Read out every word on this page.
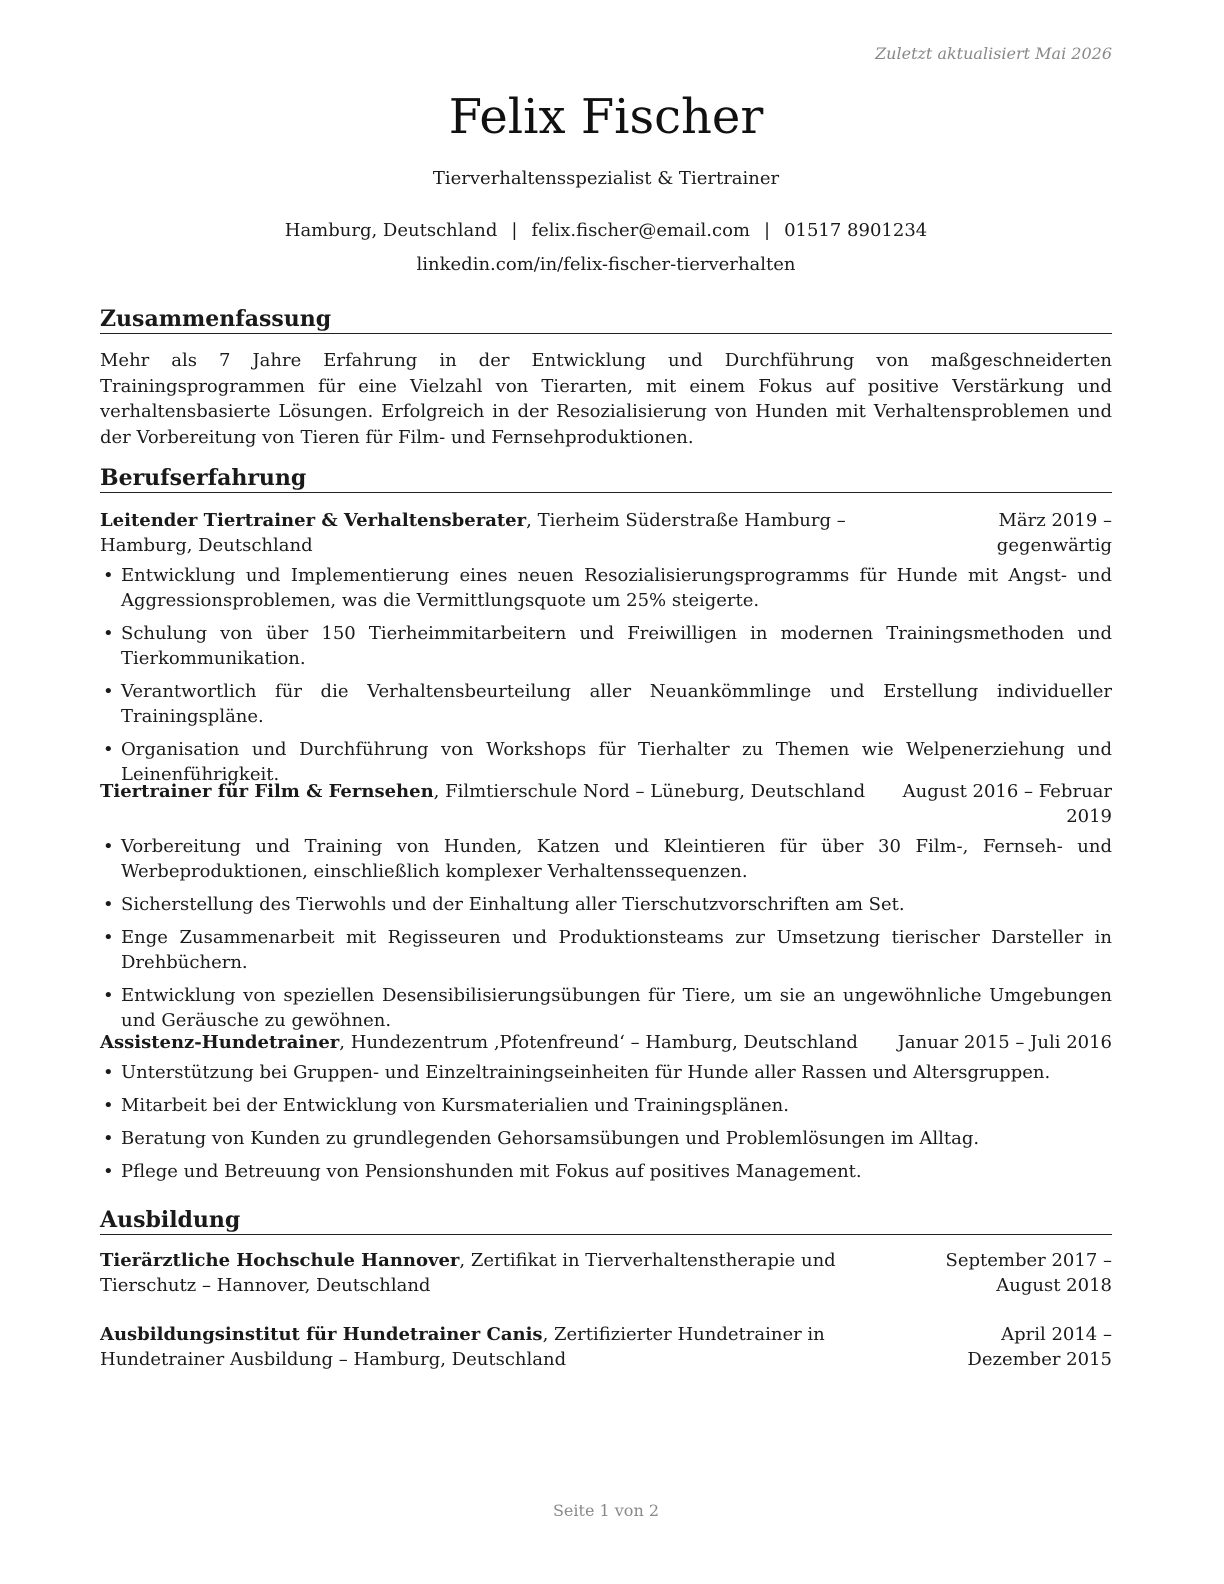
Zuletzt aktualisiert Mai 2026
Felix Fischer
Tierverhaltensspezialist & Tiertrainer
Hamburg, Deutschland | felix.fischer@email.com | 01517 8901234
linkedin.com/in/felix-fischer-tierverhalten
Zusammenfassung

Mehr als 7 Jahre Erfahrung in der Entwicklung und Durchführung von maßgeschneiderten Trainingsprogrammen für eine Vielzahl von Tierarten, mit einem Fokus auf positive Verstärkung und verhaltensbasierte Lösungen. Erfolgreich in der Resozialisierung von Hunden mit Verhaltensproblemen und der Vorbereitung von Tieren für Film- und Fernsehproduktionen.

Berufserfahrung
Leitender Tiertrainer & Verhaltensberater, Tierheim Süderstraße Hamburg – Hamburg, Deutschland
März 2019 – gegenwärtig
• Entwicklung und Implementierung eines neuen Resozialisierungsprogramms für Hunde mit Angst- und Aggressionsproblemen, was die Vermittlungsquote um 25% steigerte.
• Schulung von über 150 Tierheimmitarbeitern und Freiwilligen in modernen Trainingsmethoden und Tierkommunikation.
• Verantwortlich für die Verhaltensbeurteilung aller Neuankömmlinge und Erstellung individueller Trainingspläne.
• Organisation und Durchführung von Workshops für Tierhalter zu Themen wie Welpenerziehung und Leinenführigkeit.
Tiertrainer für Film & Fernsehen, Filmtierschule Nord – Lüneburg, Deutschland	August 2016 – Februar 2019
• Vorbereitung und Training von Hunden, Katzen und Kleintieren für über 30 Film-, Fernseh- und Werbeproduktionen, einschließlich komplexer Verhaltenssequenzen.
• Sicherstellung des Tierwohls und der Einhaltung aller Tierschutzvorschriften am Set.
• Enge Zusammenarbeit mit Regisseuren und Produktionsteams zur Umsetzung tierischer Darsteller in Drehbüchern.
• Entwicklung von speziellen Desensibilisierungsübungen für Tiere, um sie an ungewöhnliche Umgebungen und Geräusche zu gewöhnen.
Assistenz-Hundetrainer, Hundezentrum ‚Pfotenfreund‘ – Hamburg, Deutschland	Januar 2015 – Juli 2016
• Unterstützung bei Gruppen- und Einzeltrainingseinheiten für Hunde aller Rassen und Altersgruppen.
• Mitarbeit bei der Entwicklung von Kursmaterialien und Trainingsplänen.
• Beratung von Kunden zu grundlegenden Gehorsamsübungen und Problemlösungen im Alltag.
• Pflege und Betreuung von Pensionshunden mit Fokus auf positives Management.
Ausbildung
Tierärztliche Hochschule Hannover, Zertifikat in Tierverhaltenstherapie und Tierschutz – Hannover, Deutschland
September 2017 – August 2018
Ausbildungsinstitut für Hundetrainer Canis, Zertifizierter Hundetrainer in Hundetrainer Ausbildung – Hamburg, Deutschland
April 2014 – Dezember 2015
Seite 1 von 2
